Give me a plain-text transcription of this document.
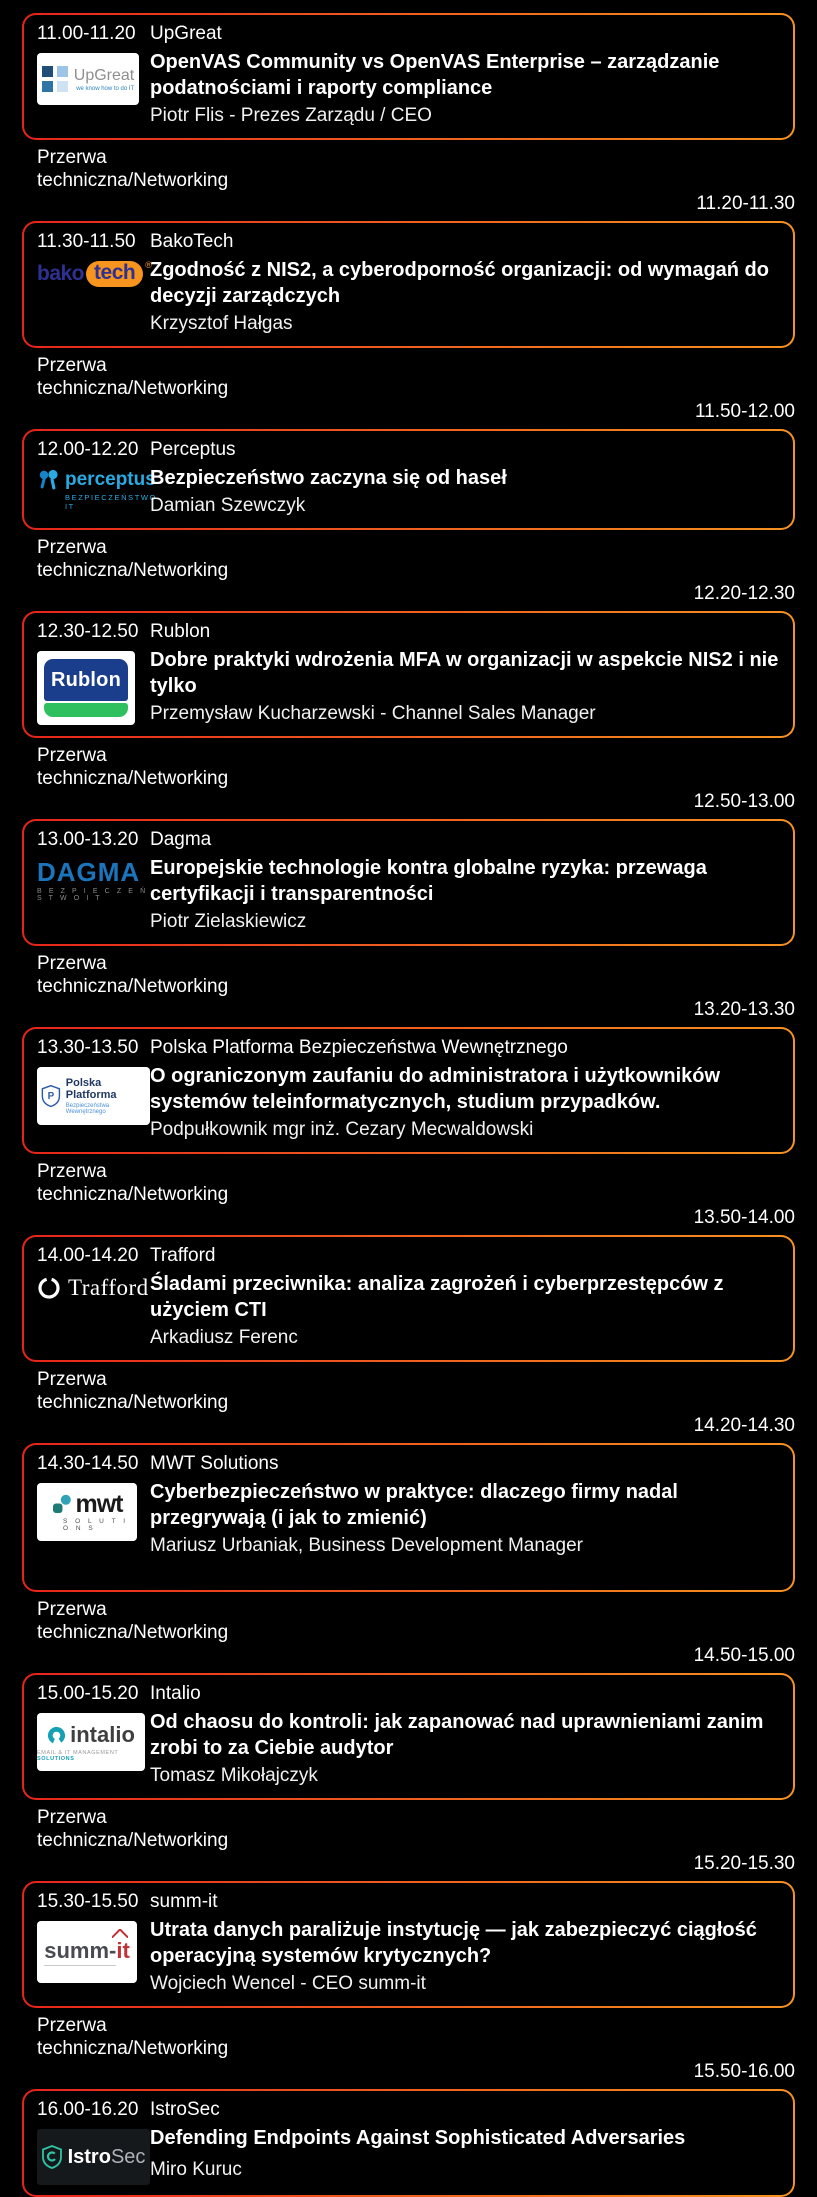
11.00-11.20 UpGreat
UpGreat
we know how to do IT
OpenVAS Community vs OpenVAS Enterprise – zarządzanie podatnościami i raporty compliance
Piotr Flis - Prezes Zarządu / CEO
11.20-11.30
Przerwa techniczna/Networking
11.30-11.50 BakoTech
bako tech	®
Zgodność z NIS2, a cyberodporność organizacji: od wymagań do decyzji zarządczych
Krzysztof Hałgas
11.50-12.00
Przerwa techniczna/Networking
12.00-12.20 Perceptus
perceptus
BEZPIECZEŃSTWO IT
Bezpieczeństwo zaczyna się od haseł
Damian Szewczyk
12.20-12.30
Przerwa techniczna/Networking
12.30-12.50 Rublon
Rublon
Dobre praktyki wdrożenia MFA w organizacji w aspekcie NIS2 i nie tylko
Przemysław Kucharzewski - Channel Sales Manager
12.50-13.00
Przerwa techniczna/Networking
13.00-13.20 Dagma
DAGMA
B E Z P I E C Z E Ń S T W O I T
Europejskie technologie kontra globalne ryzyka: przewaga certyfikacji i transparentności
Piotr Zielaskiewicz
13.20-13.30
Przerwa techniczna/Networking
13.30-13.50 Polska Platforma Bezpieczeństwa Wewnętrznego
P
Polska Platforma
Bezpieczeństwa Wewnętrznego
O ograniczonym zaufaniu do administratora i użytkowników systemów teleinformatycznych, studium przypadków.
Podpułkownik mgr inż. Cezary Mecwaldowski
13.50-14.00
Przerwa techniczna/Networking
14.00-14.20 Trafford
Trafford Śladami przeciwnika: analiza zagrożeń i cyberprzestępców z użyciem CTI
Arkadiusz Ferenc
14.20-14.30
Przerwa techniczna/Networking
14.30-14.50 MWT Solutions
mwt
S O L U T I O N S
Cyberbezpieczeństwo w praktyce: dlaczego firmy nadal przegrywają (i jak to zmienić)
Mariusz Urbaniak, Business Development Manager
14.50-15.00
Przerwa techniczna/Networking
15.00-15.20 Intalio
intalio
EMAIL & IT MANAGEMENT SOLUTIONS
Od chaosu do kontroli: jak zapanować nad uprawnieniami zanim zrobi to za Ciebie audytor
Tomasz Mikołajczyk
15.20-15.30
Przerwa techniczna/Networking
15.30-15.50 summ-it
summ- it
Utrata danych paraliżuje instytucję — jak zabezpieczyć ciągłość operacyjną systemów krytycznych?
Wojciech Wencel - CEO summ-it
15.50-16.00
Przerwa techniczna/Networking
16.00-16.20 IstroSec
IstroSec
Defending Endpoints Against Sophisticated Adversaries
Miro Kuruc
